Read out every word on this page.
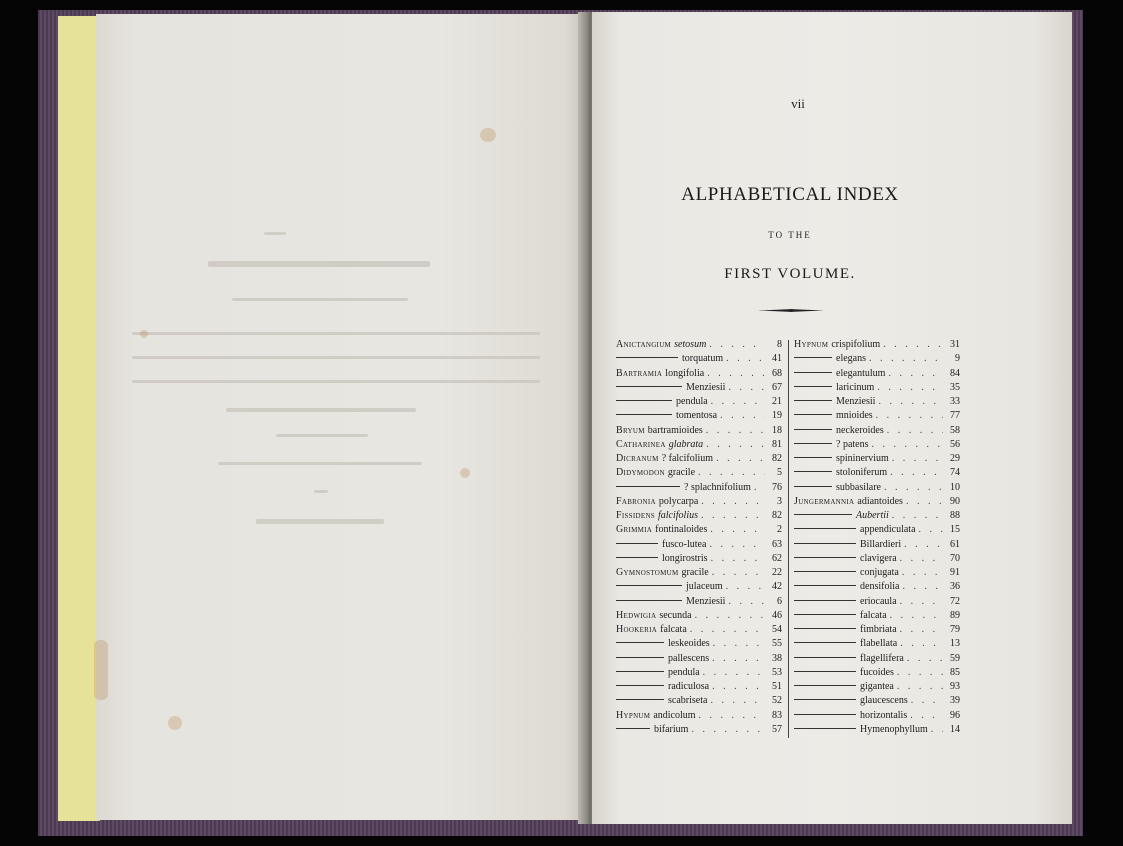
vii
ALPHABETICAL INDEX
TO THE
FIRST VOLUME.
Anictangium setosum . . .	8
torquatum . . .	41
Bartramia longifolia . . .	68
Menziesii . . .	67
pendula . . .	21
tomentosa . . .	19
Bryum bartramioides . . .	18
Catharinea glabrata . . .	81
Dicranum ? falcifolium . . .	82
Didymodon gracile . . .	5
? splachnifolium . . .	76
Fabronia polycarpa . . .	3
Fissidens falcifolius . . .	82
Grimmia fontinaloides . . .	2
fusco-lutea . . .	63
longirostris . . .	62
Gymnostomum gracile . . .	22
julaceum . . .	42
Menziesii . . .	6
Hedwigia secunda . . .	46
Hookeria falcata . . .	54
leskeoides . . .	55
pallescens . . .	38
pendula . . .	53
radiculosa . . .	51
scabriseta . . .	52
Hypnum andicolum . . .	83
bifarium . . .	57
Hypnum crispifolium . . .	31
elegans . . .	9
elegantulum . . .	84
laricinum . . .	35
Menziesii . . .	33
mnioides . . .	77
neckeroides . . .	58
? patens . . .	56
spininervium . . .	29
stoloniferum . . .	74
subbasilare . . .	10
Jungermannia adiantoides . . .	90
Aubertii . . .	88
appendiculata . . .	15
Billardieri . . .	61
clavigera . . .	70
conjugata . . .	91
densifolia . . .	36
eriocaula . . .	72
falcata . . .	89
fimbriata . . .	79
flabellata . . .	13
flagellifera . . .	59
fucoides . . .	85
gigantea . . .	93
glaucescens . . .	39
horizontalis . . .	96
Hymenophyllum . . .	14
